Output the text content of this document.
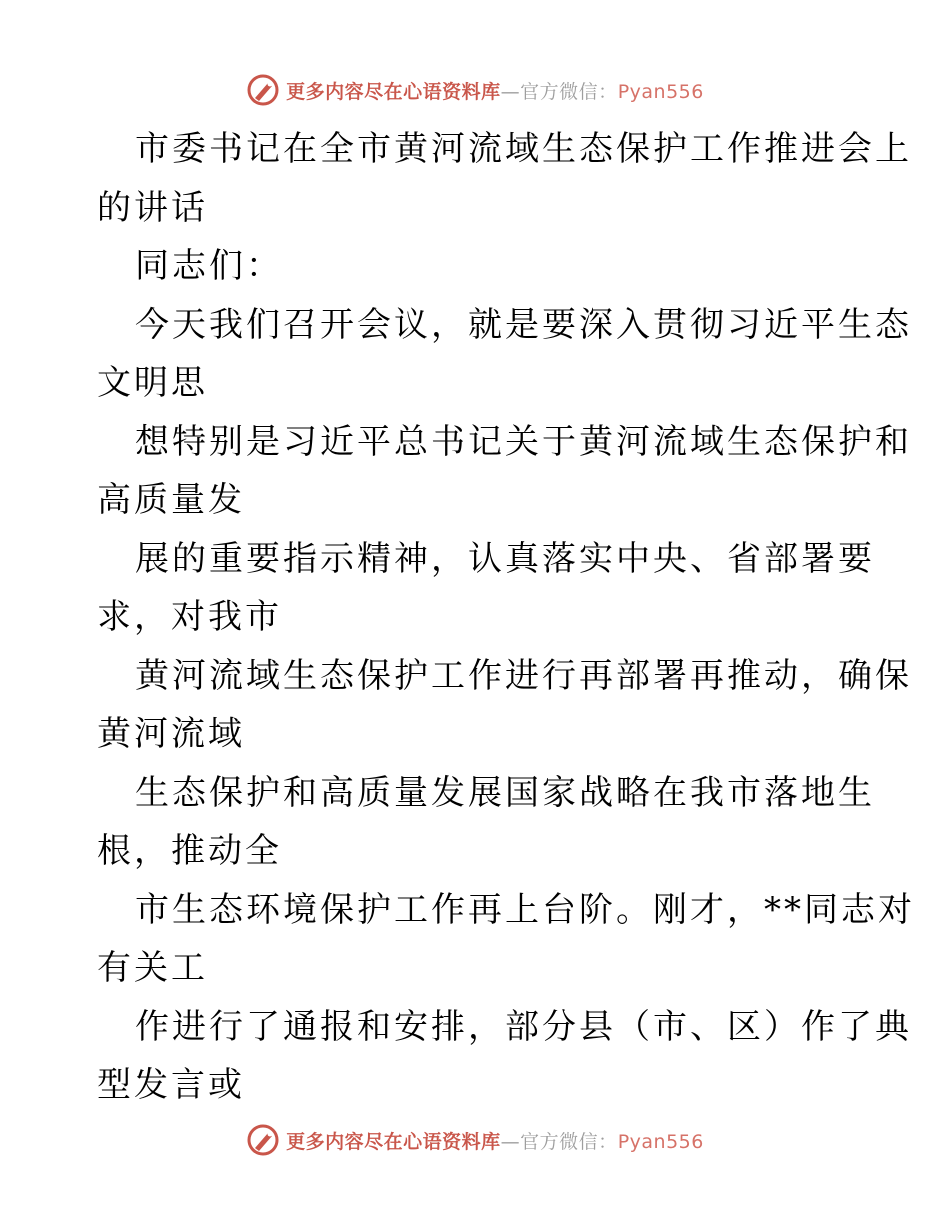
更多内容尽在心语资料库—官方微信：Pyan556
市委书记在全市黄河流域生态保护工作推进会上
的讲话
同志们：
今天我们召开会议，就是要深入贯彻习近平生态
文明思
想特别是习近平总书记关于黄河流域生态保护和
高质量发
展的重要指示精神，认真落实中央、省部署要
求，对我市
黄河流域生态保护工作进行再部署再推动，确保
黄河流域
生态保护和高质量发展国家战略在我市落地生
根，推动全
市生态环境保护工作再上台阶。刚才，**同志对
有关工
作进行了通报和安排，部分县（市、区）作了典
型发言或
更多内容尽在心语资料库—官方微信：Pyan556
